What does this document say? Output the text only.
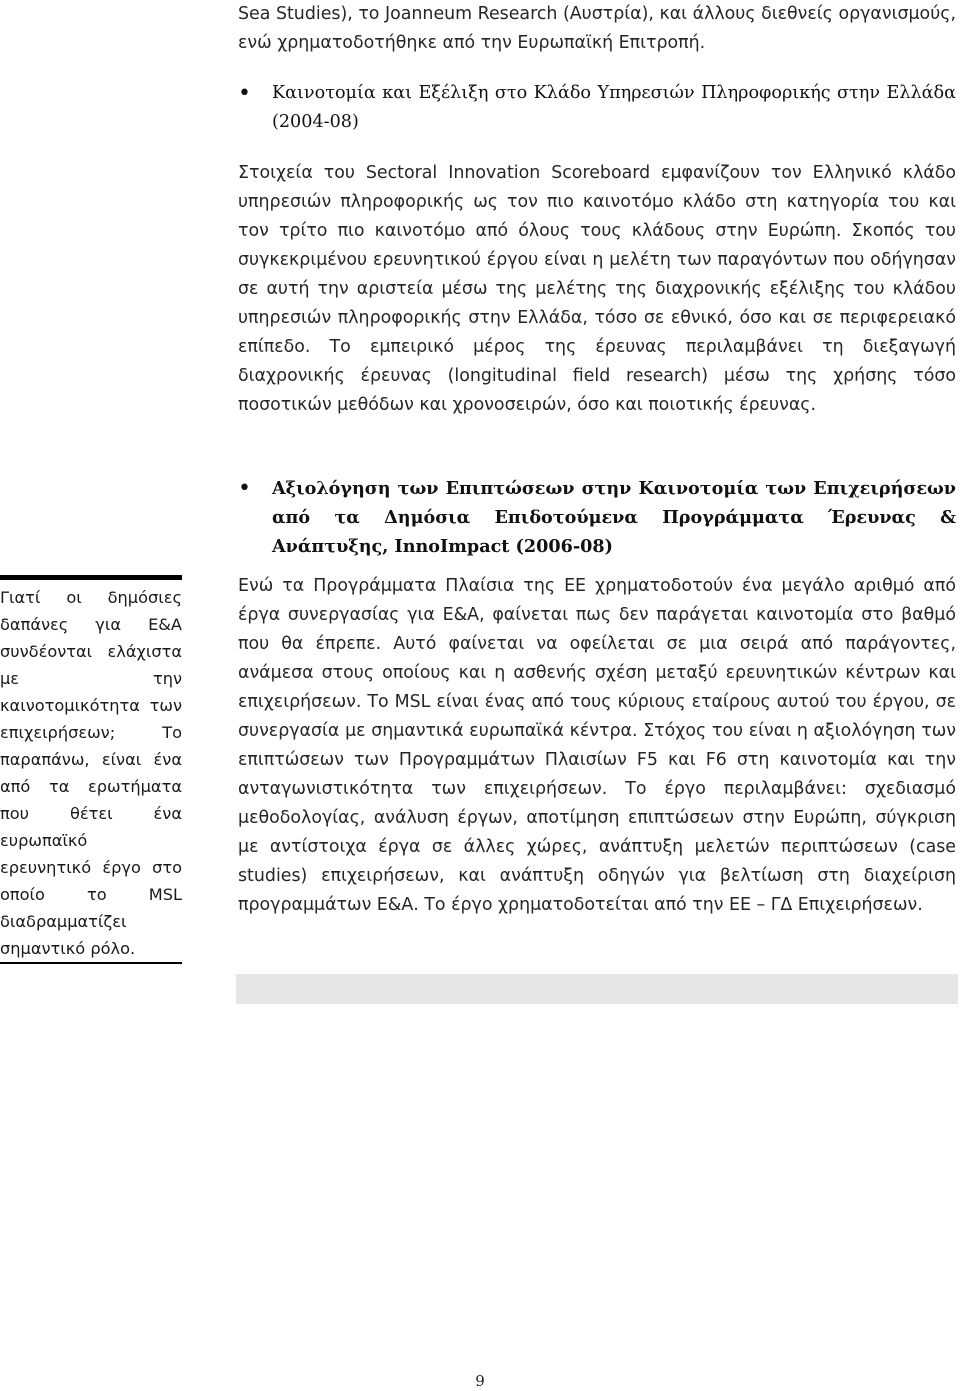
Sea Studies), το Joanneum Research (Αυστρία), και άλλους διεθνείς οργανισμούς, ενώ χρηματοδοτήθηκε από την Ευρωπαϊκή Επιτροπή.

•	Καινοτομία και Εξέλιξη στο Κλάδο Υπηρεσιών Πληροφορικής στην Ελλάδα (2004-08)

Στοιχεία του Sectoral Innovation Scoreboard εμφανίζουν τον Ελληνικό κλάδο υπηρεσιών πληροφορικής ως τον πιο καινοτόμο κλάδο στη κατηγορία του και τον τρίτο πιο καινοτόμο από όλους τους κλάδους στην Ευρώπη. Σκοπός του συγκεκριμένου ερευνητικού έργου είναι η μελέτη των παραγόντων που οδήγησαν σε αυτή την αριστεία μέσω της μελέτης της διαχρονικής εξέλιξης του κλάδου υπηρεσιών πληροφορικής στην Ελλάδα, τόσο σε εθνικό, όσο και σε περιφερειακό επίπεδο. Το εμπειρικό μέρος της έρευνας περιλαμβάνει τη διεξαγωγή διαχρονικής έρευνας (longitudinal field research) μέσω της χρήσης τόσο ποσοτικών μεθόδων και χρονοσειρών, όσο και ποιοτικής έρευνας.

•	Αξιολόγηση των Επιπτώσεων στην Καινοτομία των Επιχειρήσεων από τα Δημόσια Επιδοτούμενα Προγράμματα Έρευνας & Ανάπτυξης, InnoImpact (2006-08)

Ενώ τα Προγράμματα Πλαίσια της ΕΕ χρηματοδοτούν ένα μεγάλο αριθμό από έργα συνεργασίας για Ε&Α, φαίνεται πως δεν παράγεται καινοτομία στο βαθμό που θα έπρεπε. Αυτό φαίνεται να οφείλεται σε μια σειρά από παράγοντες, ανάμεσα στους οποίους και η ασθενής σχέση μεταξύ ερευνητικών κέντρων και επιχειρήσεων. Το MSL είναι ένας από τους κύριους εταίρους αυτού του έργου, σε συνεργασία με σημαντικά ευρωπαϊκά κέντρα. Στόχος του είναι η αξιολόγηση των επιπτώσεων των Προγραμμάτων Πλαισίων F5 και F6 στη καινοτομία και την ανταγωνιστικότητα των επιχειρήσεων. Το έργο περιλαμβάνει: σχεδιασμό μεθοδολογίας, ανάλυση έργων, αποτίμηση επιπτώσεων στην Ευρώπη, σύγκριση με αντίστοιχα έργα σε άλλες χώρες, ανάπτυξη μελετών περιπτώσεων (case studies) επιχειρήσεων, και ανάπτυξη οδηγών για βελτίωση στη διαχείριση προγραμμάτων Ε&Α. Το έργο χρηματοδοτείται από την ΕΕ – ΓΔ Επιχειρήσεων.

Γιατί οι δημόσιες δαπάνες για Ε&Α συνδέονται ελάχιστα με την καινοτομικότητα των επιχειρήσεων; Το παραπάνω, είναι ένα από τα ερωτήματα που θέτει ένα ευρωπαϊκό ερευνητικό έργο στο οποίο το MSL διαδραμματίζει σημαντικό ρόλο.

9
